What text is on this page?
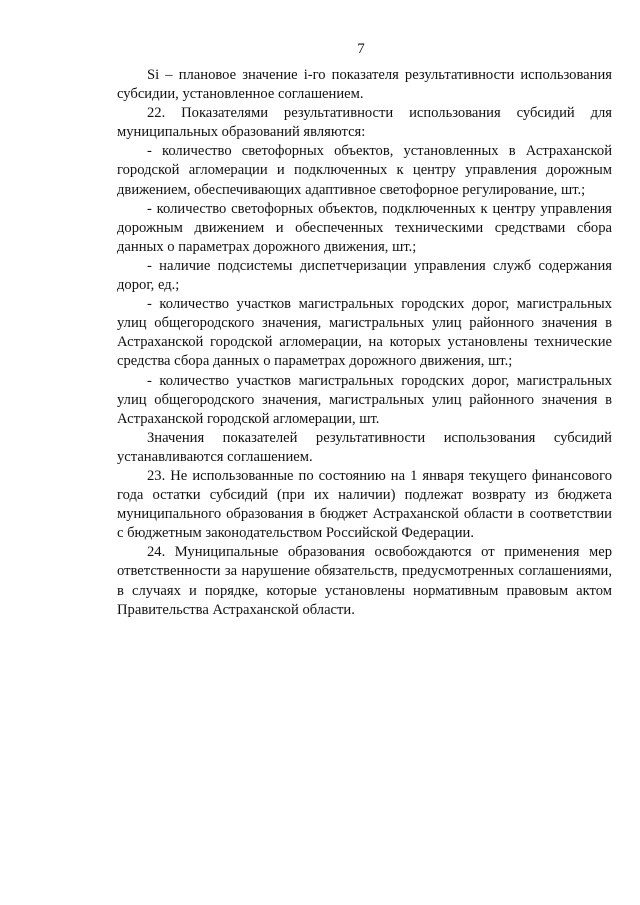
7

Si – плановое значение i-го показателя результативности использования субсидии, установленное соглашением.

22. Показателями результативности использования субсидий для муниципальных образований являются:

- количество светофорных объектов, установленных в Астраханской городской агломерации и подключенных к центру управления дорожным движением, обеспечивающих адаптивное светофорное регулирование, шт.;

- количество светофорных объектов, подключенных к центру управления дорожным движением и обеспеченных техническими средствами сбора данных о параметрах дорожного движения, шт.;

- наличие подсистемы диспетчеризации управления служб содержания дорог, ед.;

- количество участков магистральных городских дорог, магистральных улиц общегородского значения, магистральных улиц районного значения в Астраханской городской агломерации, на которых установлены технические средства сбора данных о параметрах дорожного движения, шт.;

- количество участков магистральных городских дорог, магистральных улиц общегородского значения, магистральных улиц районного значения в Астраханской городской агломерации, шт.

Значения показателей результативности использования субсидий устанавливаются соглашением.

23. Не использованные по состоянию на 1 января текущего финансового года остатки субсидий (при их наличии) подлежат возврату из бюджета муниципального образования в бюджет Астраханской области в соответствии с бюджетным законодательством Российской Федерации.

24. Муниципальные образования освобождаются от применения мер ответственности за нарушение обязательств, предусмотренных соглашениями, в случаях и порядке, которые установлены нормативным правовым актом Правительства Астраханской области.
